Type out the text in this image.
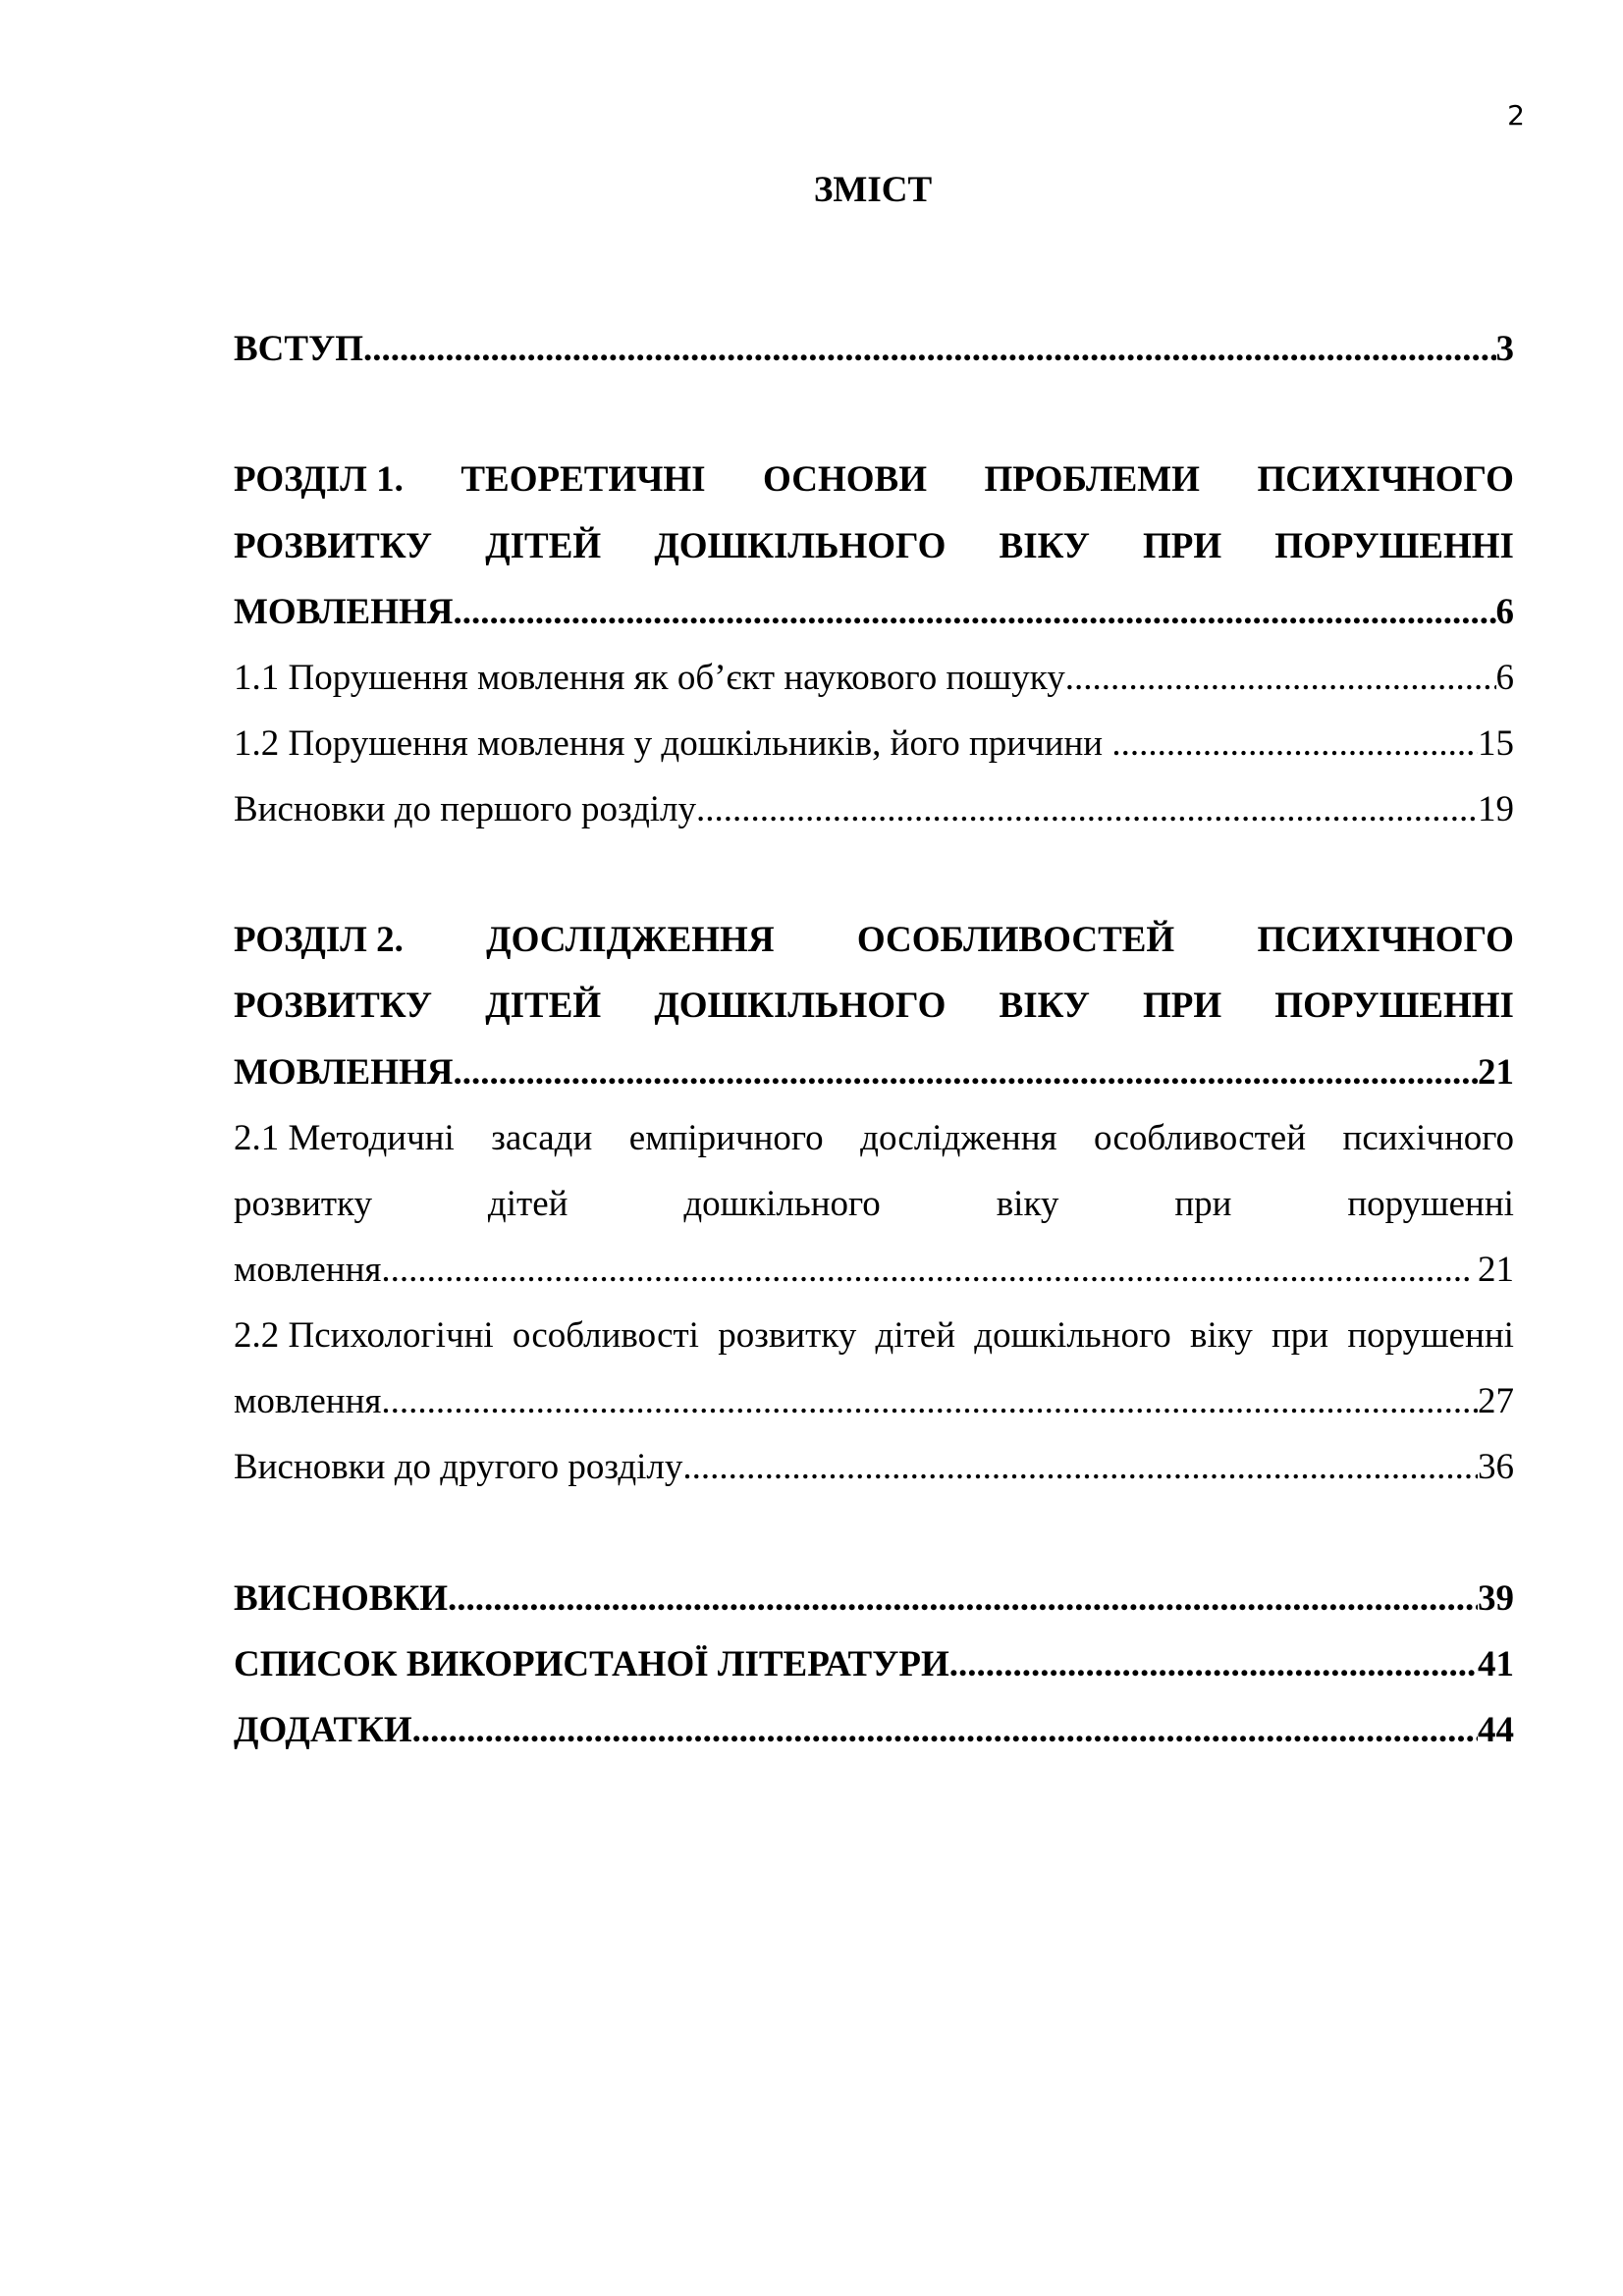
2
ЗМІСТ
ВСТУП .....	3
РОЗДІЛ 1. ТЕОРЕТИЧНІ ОСНОВИ ПРОБЛЕМИ ПСИХІЧНОГО
РОЗВИТКУ ДІТЕЙ ДОШКІЛЬНОГО ВІКУ ПРИ ПОРУШЕННІ
МОВЛЕННЯ .....	6
1.1 Порушення мовлення як об’єкт наукового пошуку .....	6
1.2 Порушення мовлення у дошкільників, його причини .....	15
Висновки до першого розділу .....	19
РОЗДІЛ 2. ДОСЛІДЖЕННЯ ОСОБЛИВОСТЕЙ ПСИХІЧНОГО
РОЗВИТКУ ДІТЕЙ ДОШКІЛЬНОГО ВІКУ ПРИ ПОРУШЕННІ
МОВЛЕННЯ .....	21
2.1 Методичні засади емпіричного дослідження особливостей психічного
розвитку	дітей	дошкільного	віку	при	порушенні
мовлення .....	21
2.2 Психологічні особливості розвитку дітей дошкільного віку при порушенні
мовлення .....	27
Висновки до другого розділу .....	36
ВИСНОВКИ .....	39
СПИСОК ВИКОРИСТАНОЇ ЛІТЕРАТУРИ .....	41
ДОДАТКИ .....	44
